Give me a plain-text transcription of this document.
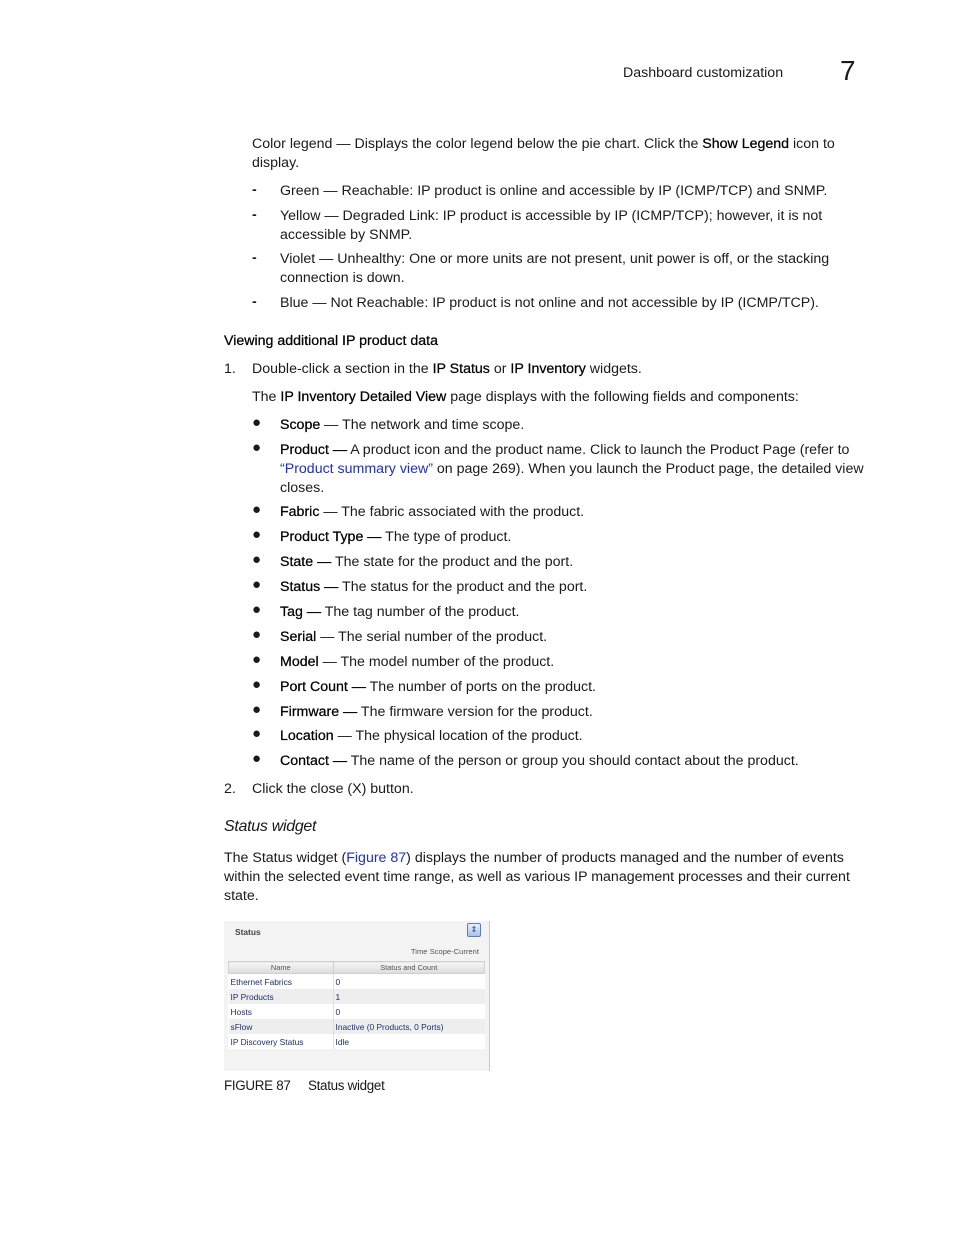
Dashboard customization 7

Color legend — Displays the color legend below the pie chart. Click the Show Legend icon to display.

- Green — Reachable: IP product is online and accessible by IP (ICMP/TCP) and SNMP.
- Yellow — Degraded Link: IP product is accessible by IP (ICMP/TCP); however, it is not accessible by SNMP.
- Violet — Unhealthy: One or more units are not present, unit power is off, or the stacking connection is down.
- Blue — Not Reachable: IP product is not online and not accessible by IP (ICMP/TCP).
Viewing additional IP product data
1. Double-click a section in the IP Status or IP Inventory widgets.
The IP Inventory Detailed View page displays with the following fields and components:
● Scope — The network and time scope.
● Product — A product icon and the product name. Click to launch the Product Page (refer to “Product summary view” on page 269). When you launch the Product page, the detailed view closes.
● Fabric — The fabric associated with the product.
● Product Type — The type of product.
● State — The state for the product and the port.
● Status — The status for the product and the port.
● Tag — The tag number of the product.
● Serial — The serial number of the product.
● Model — The model number of the product.
● Port Count — The number of ports on the product.
● Firmware — The firmware version for the product.
● Location — The physical location of the product.
● Contact — The name of the person or group you should contact about the product.
2. Click the close (X) button.
Status widget
The Status widget (Figure 87) displays the number of products managed and the number of events within the selected event time range, as well as various IP management processes and their current state.
Status	⇕
Time Scope-Current
Name	Status and Count
Ethernet Fabrics	0
IP Products	1
Hosts	0
sFlow	Inactive (0 Products, 0 Ports)
IP Discovery Status	Idle
FIGURE 87 Status widget
